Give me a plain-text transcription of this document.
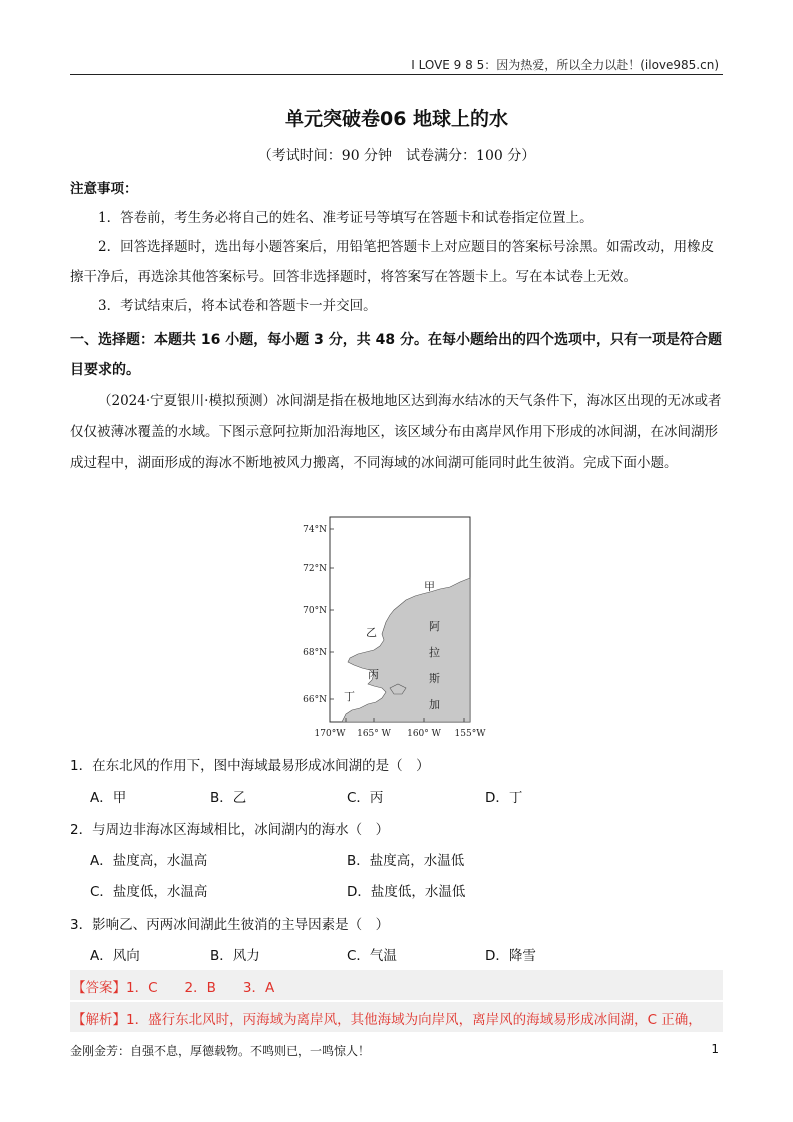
I LOVE 9 8 5：因为热爱，所以全力以赴！(ilove985.cn)
单元突破卷06 地球上的水
（考试时间：90 分钟　试卷满分：100 分）
注意事项：
1．答卷前，考生务必将自己的姓名、准考证号等填写在答题卡和试卷指定位置上。
2．回答选择题时，选出每小题答案后，用铅笔把答题卡上对应题目的答案标号涂黑。如需改动，用橡皮擦干净后，再选涂其他答案标号。回答非选择题时，将答案写在答题卡上。写在本试卷上无效。
3．考试结束后，将本试卷和答题卡一并交回。
一、选择题：本题共 16 小题，每小题 3 分，共 48 分。在每小题给出的四个选项中，只有一项是符合题目要求的。
（2024·宁夏银川·模拟预测）冰间湖是指在极地地区达到海水结冰的天气条件下，海冰区出现的无冰或者仅仅被薄冰覆盖的水域。下图示意阿拉斯加沿海地区，该区域分布由离岸风作用下形成的冰间湖，在冰间湖形成过程中，湖面形成的海冰不断地被风力搬离，不同海域的冰间湖可能同时此生彼消。完成下面小题。
74°N
72°N
70°N
68°N
66°N
170°W 165° W 160° W 155°W
甲
乙
丙
丁
阿
拉
斯
加
1．在东北风的作用下，图中海域最易形成冰间湖的是（　）
A．甲	B．乙	C．丙	D．丁
2．与周边非海冰区海域相比，冰间湖内的海水（　）
A．盐度高，水温高	B．盐度高，水温低
C．盐度低，水温高	D．盐度低，水温低
3．影响乙、丙两冰间湖此生彼消的主导因素是（　）
A．风向	B．风力	C．气温	D．降雪
【答案】1．C　　2．B　　3．A
【解析】1．盛行东北风时，丙海域为离岸风，其他海域为向岸风，离岸风的海域易形成冰间湖，C 正确，
金刚金芳：自强不息，厚德载物。不鸣则已，一鸣惊人！	1
